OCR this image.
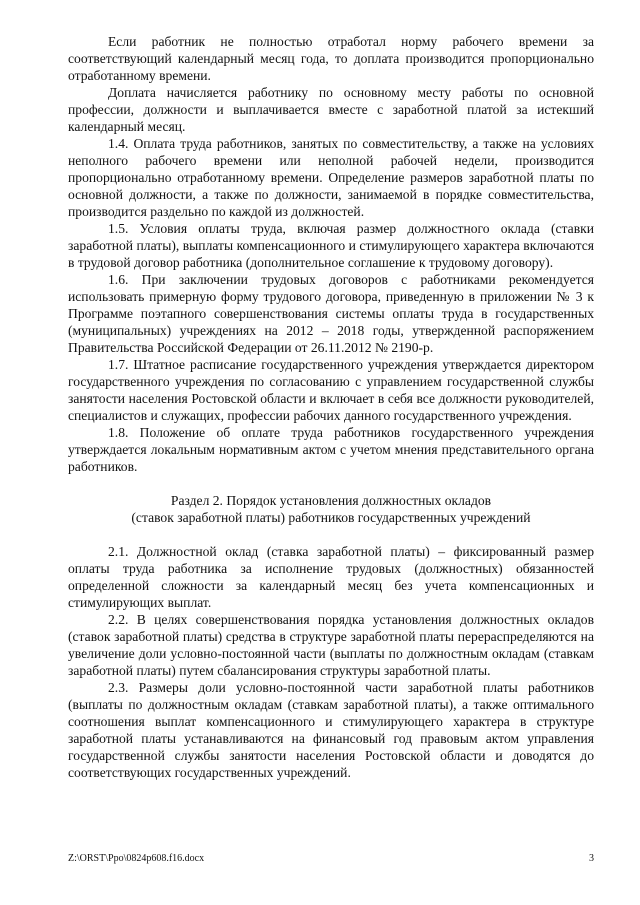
Если работник не полностью отработал норму рабочего времени за соответствующий календарный месяц года, то доплата производится пропорционально отработанному времени.

Доплата начисляется работнику по основному месту работы по основной профессии, должности и выплачивается вместе с заработной платой за истекший календарный месяц.

1.4. Оплата труда работников, занятых по совместительству, а также на условиях неполного рабочего времени или неполной рабочей недели, производится пропорционально отработанному времени. Определение размеров заработной платы по основной должности, а также по должности, занимаемой в порядке совместительства, производится раздельно по каждой из должностей.

1.5. Условия оплаты труда, включая размер должностного оклада (ставки заработной платы), выплаты компенсационного и стимулирующего характера включаются в трудовой договор работника (дополнительное соглашение к трудовому договору).

1.6. При заключении трудовых договоров с работниками рекомендуется использовать примерную форму трудового договора, приведенную в приложении № 3 к Программе поэтапного совершенствования системы оплаты труда в государственных (муниципальных) учреждениях на 2012 – 2018 годы, утвержденной распоряжением Правительства Российской Федерации от 26.11.2012 № 2190-р.

1.7. Штатное расписание государственного учреждения утверждается директором государственного учреждения по согласованию с управлением государственной службы занятости населения Ростовской области и включает в себя все должности руководителей, специалистов и служащих, профессии рабочих данного государственного учреждения.

1.8. Положение об оплате труда работников государственного учреждения утверждается локальным нормативным актом с учетом мнения представительного органа работников.

Раздел 2. Порядок установления должностных окладов

(ставок заработной платы) работников государственных учреждений

2.1. Должностной оклад (ставка заработной платы) – фиксированный размер оплаты труда работника за исполнение трудовых (должностных) обязанностей определенной сложности за календарный месяц без учета компенсационных и стимулирующих выплат.

2.2. В целях совершенствования порядка установления должностных окладов (ставок заработной платы) средства в структуре заработной платы перераспределяются на увеличение доли условно-постоянной части (выплаты по должностным окладам (ставкам заработной платы) путем сбалансирования структуры заработной платы.

2.3. Размеры доли условно-постоянной части заработной платы работников (выплаты по должностным окладам (ставкам заработной платы), а также оптимального соотношения выплат компенсационного и стимулирующего характера в структуре заработной платы устанавливаются на финансовый год правовым актом управления государственной службы занятости населения Ростовской области и доводятся до соответствующих государственных учреждений.

Z:\ORST\Ppo\0824p608.f16.docx	3
